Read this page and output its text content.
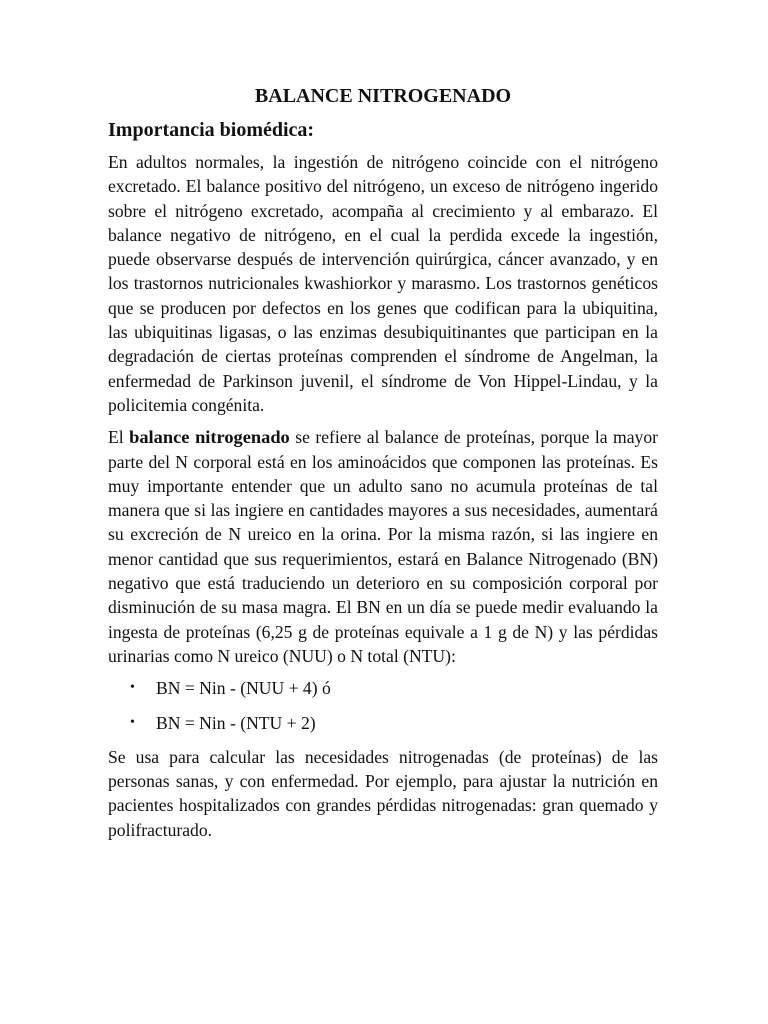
BALANCE NITROGENADO
Importancia biomédica:

En adultos normales, la ingestión de nitrógeno coincide con el nitrógeno excretado. El balance positivo del nitrógeno, un exceso de nitrógeno ingerido sobre el nitrógeno excretado, acompaña al crecimiento y al embarazo. El balance negativo de nitrógeno, en el cual la perdida excede la ingestión, puede observarse después de intervención quirúrgica, cáncer avanzado, y en los trastornos nutricionales kwashiorkor y marasmo. Los trastornos genéticos que se producen por defectos en los genes que codifican para la ubiquitina, las ubiquitinas ligasas, o las enzimas desubiquitinantes que participan en la degradación de ciertas proteínas comprenden el síndrome de Angelman, la enfermedad de Parkinson juvenil, el síndrome de Von Hippel-Lindau, y la policitemia congénita.

El balance nitrogenado se refiere al balance de proteínas, porque la mayor parte del N corporal está en los aminoácidos que componen las proteínas. Es muy importante entender que un adulto sano no acumula proteínas de tal manera que si las ingiere en cantidades mayores a sus necesidades, aumentará su excreción de N ureico en la orina. Por la misma razón, si las ingiere en menor cantidad que sus requerimientos, estará en Balance Nitrogenado (BN) negativo que está traduciendo un deterioro en su composición corporal por disminución de su masa magra. El BN en un día se puede medir evaluando la ingesta de proteínas (6,25 g de proteínas equivale a 1 g de N) y las pérdidas urinarias como N ureico (NUU) o N total (NTU):

• BN = Nin - (NUU + 4) ó
• BN = Nin - (NTU + 2)

Se usa para calcular las necesidades nitrogenadas (de proteínas) de las personas sanas, y con enfermedad. Por ejemplo, para ajustar la nutrición en pacientes hospitalizados con grandes pérdidas nitrogenadas: gran quemado y polifracturado.
